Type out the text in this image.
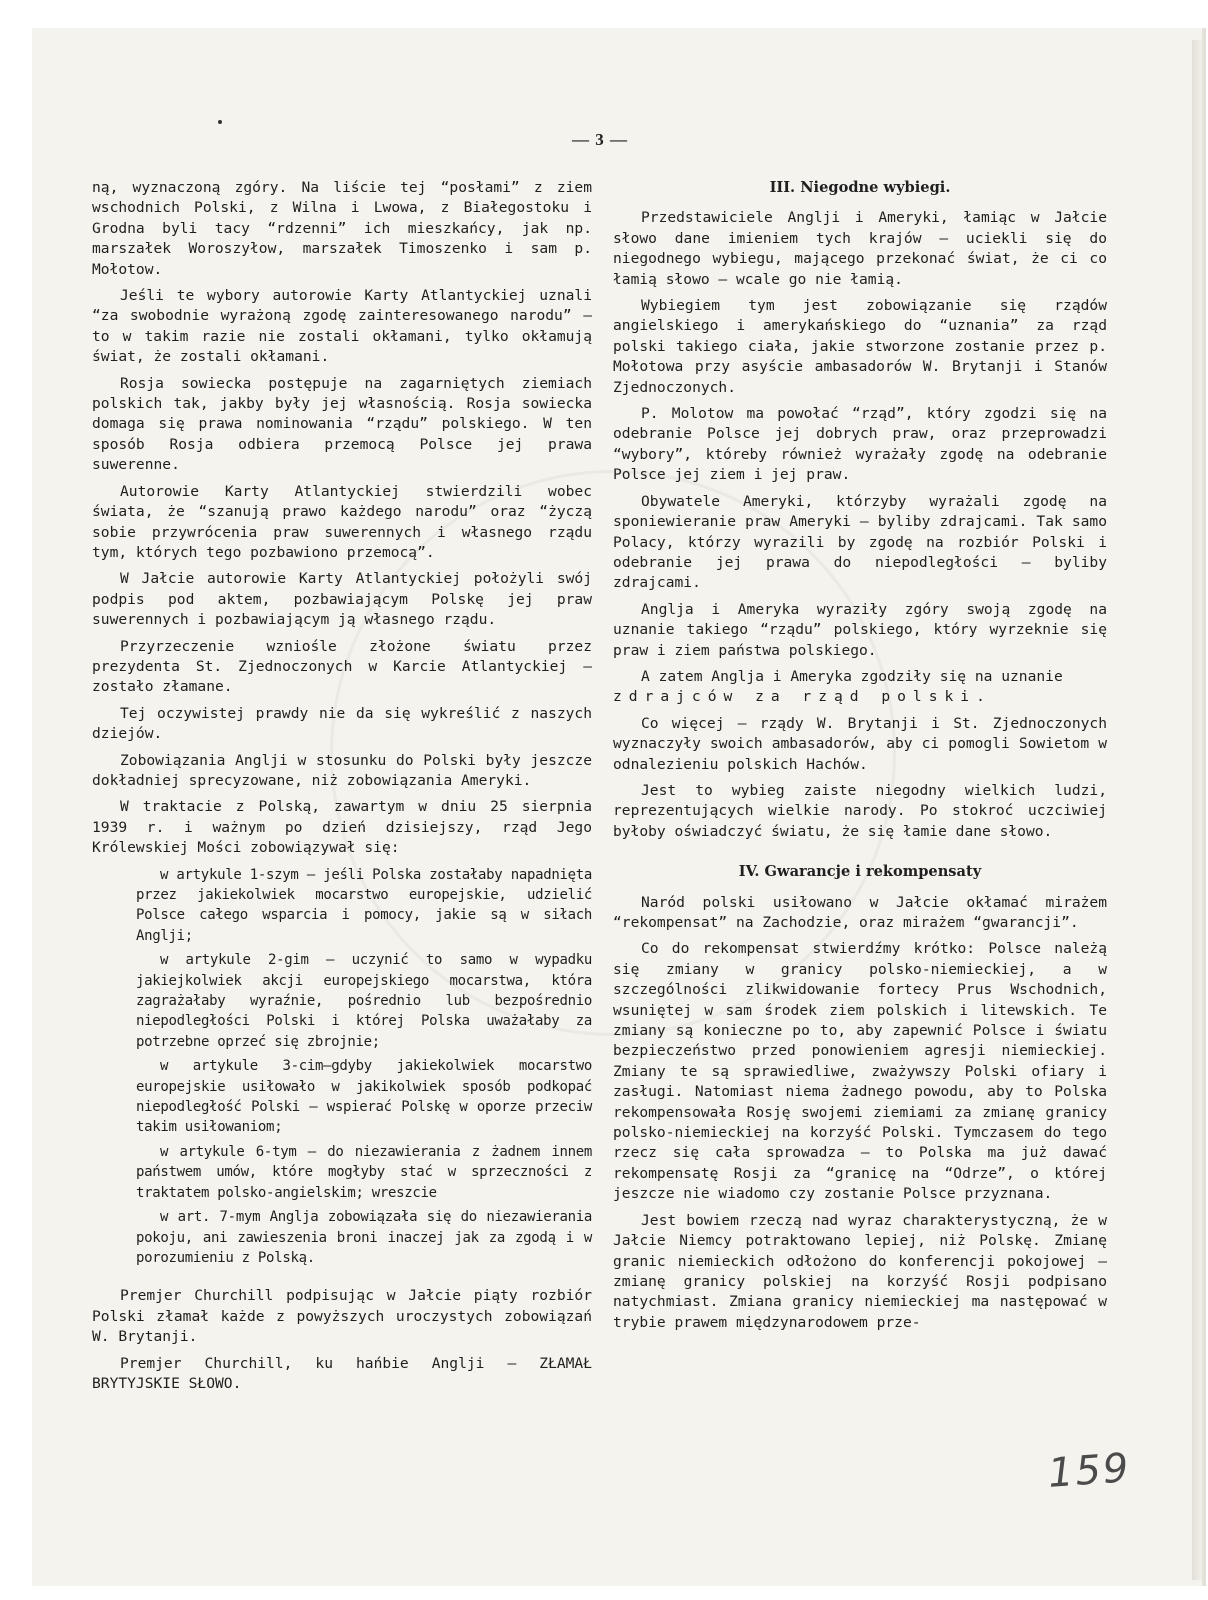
— 3 —

ną, wyznaczoną zgóry. Na liście tej “posłami” z ziem wschodnich Polski, z Wilna i Lwowa, z Białegostoku i Grodna byli tacy “rdzenni” ich mieszkańcy, jak np. marszałek Woroszyłow, marszałek Timoszenko i sam p. Mołotow.

Jeśli te wybory autorowie Karty Atlantyckiej uznali “za swobodnie wyrażoną zgodę zainteresowanego narodu” — to w takim razie nie zostali okłamani, tylko okłamują świat, że zostali okłamani.

Rosja sowiecka postępuje na zagarniętych ziemiach polskich tak, jakby były jej własnością. Rosja sowiecka domaga się prawa nominowania “rządu” polskiego. W ten sposób Rosja odbiera przemocą Polsce jej prawa suwerenne.

Autorowie Karty Atlantyckiej stwierdzili wobec świata, że “szanują prawo każdego narodu” oraz “życzą sobie przywrócenia praw suwerennych i własnego rządu tym, których tego pozbawiono przemocą”.

W Jałcie autorowie Karty Atlantyckiej położyli swój podpis pod aktem, pozbawiającym Polskę jej praw suwerennych i pozbawiającym ją własnego rządu.

Przyrzeczenie wzniośle złożone światu przez prezydenta St. Zjednoczonych w Karcie Atlantyckiej — zostało złamane.

Tej oczywistej prawdy nie da się wykreślić z naszych dziejów.

Zobowiązania Anglji w stosunku do Polski były jeszcze dokładniej sprecyzowane, niż zobowiązania Ameryki.

W traktacie z Polską, zawartym w dniu 25 sierpnia 1939 r. i ważnym po dzień dzisiejszy, rząd Jego Królewskiej Mości zobowiązywał się:

w artykule 1-szym — jeśli Polska zostałaby napadnięta przez jakiekolwiek mocarstwo europejskie, udzielić Polsce całego wsparcia i pomocy, jakie są w siłach Anglji;

w artykule 2-gim — uczynić to samo w wypadku jakiejkolwiek akcji europejskiego mocarstwa, która zagrażałaby wyraźnie, pośrednio lub bezpośrednio niepodległości Polski i której Polska uważałaby za potrzebne oprzeć się zbrojnie;

w artykule 3-cim—gdyby jakiekolwiek mocarstwo europejskie usiłowało w jakikolwiek sposób podkopać niepodległość Polski — wspierać Polskę w oporze przeciw takim usiłowaniom;

w artykule 6-tym — do niezawierania z żadnem innem państwem umów, które mogłyby stać w sprzeczności z traktatem polsko-angielskim; wreszcie

w art. 7-mym Anglja zobowiązała się do niezawierania pokoju, ani zawieszenia broni inaczej jak za zgodą i w porozumieniu z Polską.

Premjer Churchill podpisując w Jałcie piąty rozbiór Polski złamał każde z powyższych uroczystych zobowiązań W. Brytanji.

Premjer Churchill, ku hańbie Anglji — ZŁAMAŁ BRYTYJSKIE SŁOWO.

III. Niegodne wybiegi.

Przedstawiciele Anglji i Ameryki, łamiąc w Jałcie słowo dane imieniem tych krajów — uciekli się do niegodnego wybiegu, mającego przekonać świat, że ci co łamią słowo — wcale go nie łamią.

Wybiegiem tym jest zobowiązanie się rządów angielskiego i amerykańskiego do “uznania” za rząd polski takiego ciała, jakie stworzone zostanie przez p. Mołotowa przy asyście ambasadorów W. Brytanji i Stanów Zjednoczonych.

P. Molotow ma powołać “rząd”, który zgodzi się na odebranie Polsce jej dobrych praw, oraz przeprowadzi “wybory”, któreby również wyrażały zgodę na odebranie Polsce jej ziem i jej praw.

Obywatele Ameryki, którzyby wyrażali zgodę na sponiewieranie praw Ameryki — byliby zdrajcami. Tak samo Polacy, którzy wyrazili by zgodę na rozbiór Polski i odebranie jej prawa do niepodległości — byliby zdrajcami.

Anglja i Ameryka wyraziły zgóry swoją zgodę na uznanie takiego “rządu” polskiego, który wyrzeknie się praw i ziem państwa polskiego.

A zatem Anglja i Ameryka zgodziły się na uznanie

zdrajców za rząd polski.

Co więcej — rządy W. Brytanji i St. Zjednoczonych wyznaczyły swoich ambasadorów, aby ci pomogli Sowietom w odnalezieniu polskich Hachów.

Jest to wybieg zaiste niegodny wielkich ludzi, reprezentujących wielkie narody. Po stokroć uczciwiej byłoby oświadczyć światu, że się łamie dane słowo.

IV. Gwarancje i rekompensaty

Naród polski usiłowano w Jałcie okłamać mirażem “rekompensat” na Zachodzie, oraz mirażem “gwarancji”.

Co do rekompensat stwierdźmy krótko: Polsce należą się zmiany w granicy polsko-niemieckiej, a w szczególności zlikwidowanie fortecy Prus Wschodnich, wsuniętej w sam środek ziem polskich i litewskich. Te zmiany są konieczne po to, aby zapewnić Polsce i światu bezpieczeństwo przed ponowieniem agresji niemieckiej. Zmiany te są sprawiedliwe, zważywszy Polski ofiary i zasługi. Natomiast niema żadnego powodu, aby to Polska rekompensowała Rosję swojemi ziemiami za zmianę granicy polsko-niemieckiej na korzyść Polski. Tymczasem do tego rzecz się cała sprowadza — to Polska ma już dawać rekompensatę Rosji za “granicę na “Odrze”, o której jeszcze nie wiadomo czy zostanie Polsce przyznana.

Jest bowiem rzeczą nad wyraz charakterystyczną, że w Jałcie Niemcy potraktowano lepiej, niż Polskę. Zmianę granic niemieckich odłożono do konferencji pokojowej — zmianę granicy polskiej na korzyść Rosji podpisano natychmiast. Zmiana granicy niemieckiej ma następować w trybie prawem międzynarodowem prze-

159
